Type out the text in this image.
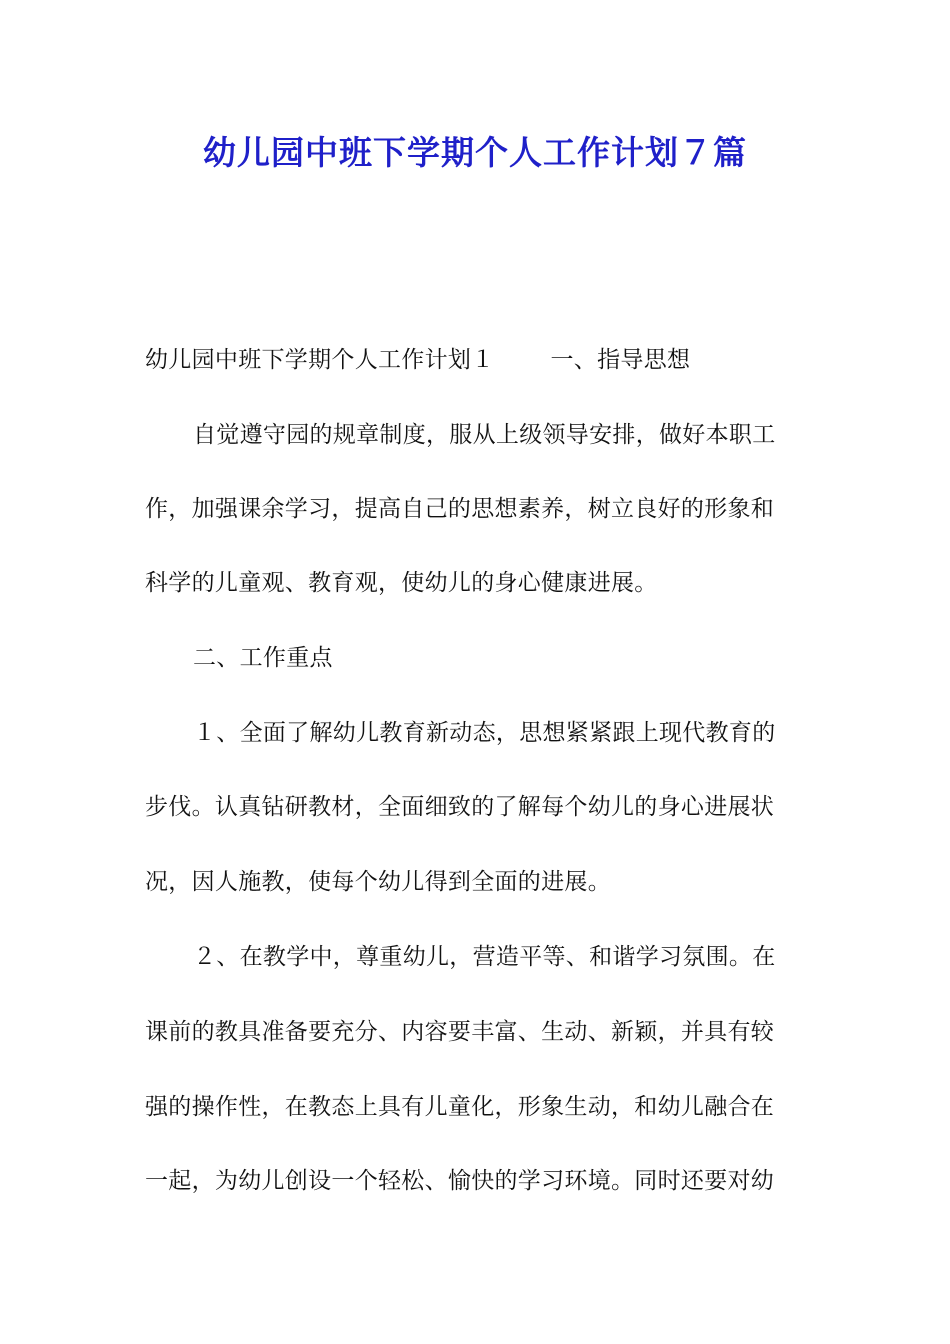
幼儿园中班下学期个人工作计划７篇

幼儿园中班下学期个人工作计划１ 一、指导思想

自觉遵守园的规章制度，服从上级领导安排，做好本职工

作，加强课余学习，提高自己的思想素养，树立良好的形象和

科学的儿童观、教育观，使幼儿的身心健康进展。

二、工作重点

１、全面了解幼儿教育新动态，思想紧紧跟上现代教育的

步伐。认真钻研教材，全面细致的了解每个幼儿的身心进展状

况，因人施教，使每个幼儿得到全面的进展。

２、在教学中，尊重幼儿，营造平等、和谐学习氛围。在

课前的教具准备要充分、内容要丰富、生动、新颖，并具有较

强的操作性，在教态上具有儿童化，形象生动，和幼儿融合在

一起，为幼儿创设一个轻松、愉快的学习环境。同时还要对幼
